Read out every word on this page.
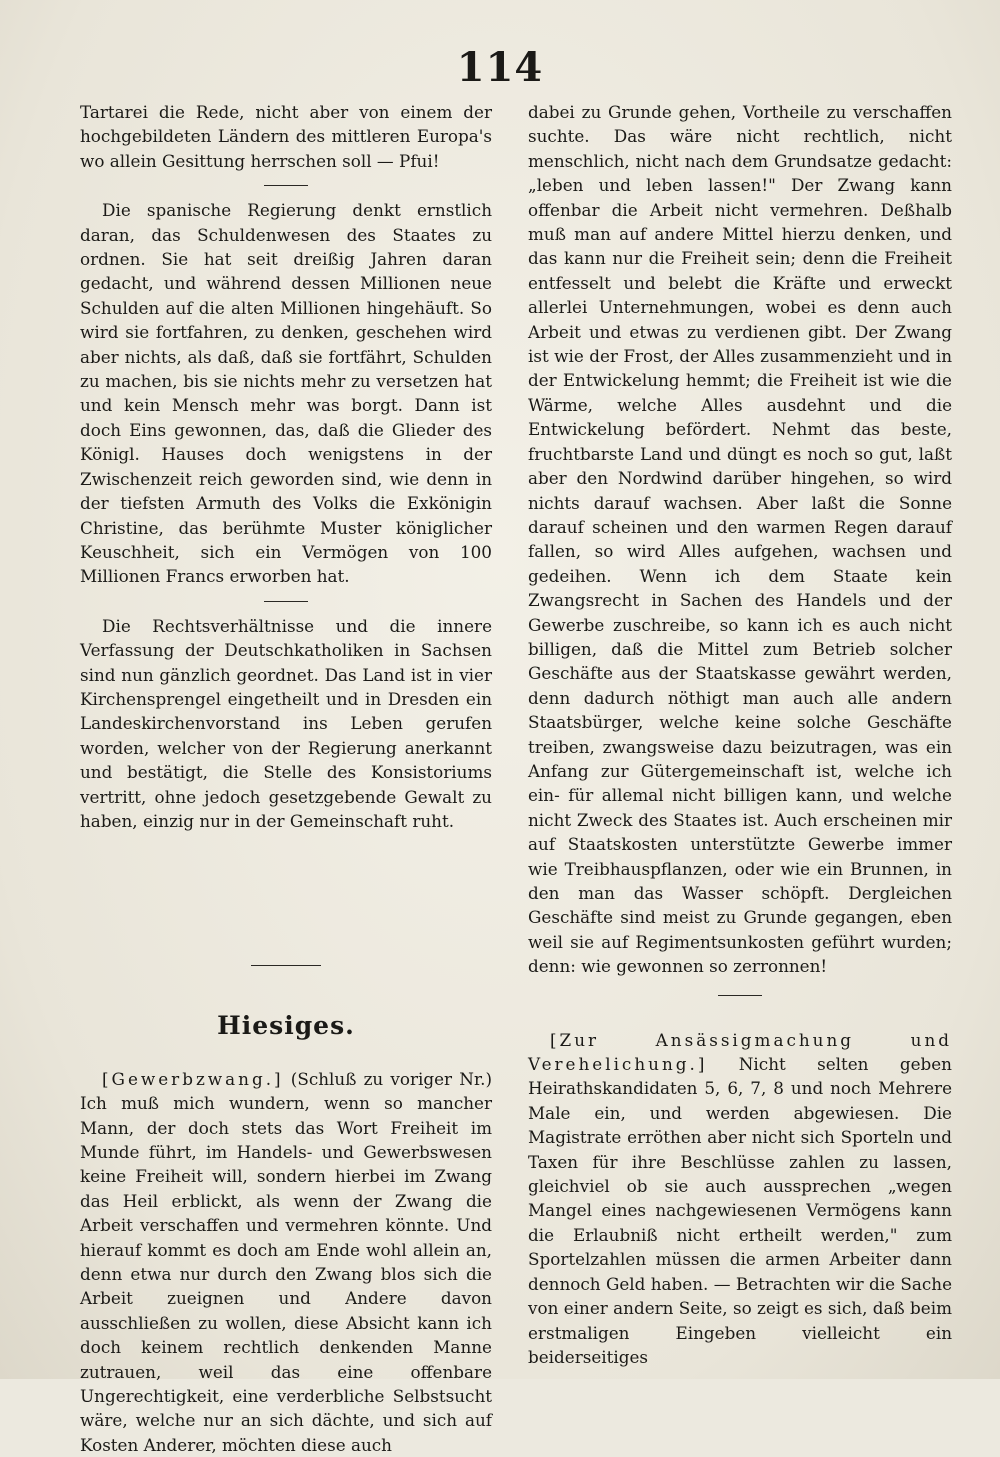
114

Tartarei die Rede, nicht aber von einem der hochgebildeten Ländern des mittleren Europa's wo allein Gesittung herrschen soll — Pfui!

Die spanische Regierung denkt ernstlich daran, das Schuldenwesen des Staates zu ordnen. Sie hat seit dreißig Jahren daran gedacht, und während dessen Millionen neue Schulden auf die alten Millionen hingehäuft. So wird sie fortfahren, zu denken, geschehen wird aber nichts, als daß, daß sie fortfährt, Schulden zu machen, bis sie nichts mehr zu versetzen hat und kein Mensch mehr was borgt. Dann ist doch Eins gewonnen, das, daß die Glieder des Königl. Hauses doch wenigstens in der Zwischenzeit reich geworden sind, wie denn in der tiefsten Armuth des Volks die Exkönigin Christine, das berühmte Muster königlicher Keuschheit, sich ein Vermögen von 100 Millionen Francs erworben hat.

Die Rechtsverhältnisse und die innere Verfassung der Deutschkatholiken in Sachsen sind nun gänzlich geordnet. Das Land ist in vier Kirchensprengel eingetheilt und in Dresden ein Landeskirchenvorstand ins Leben gerufen worden, welcher von der Regierung anerkannt und bestätigt, die Stelle des Konsistoriums vertritt, ohne jedoch gesetzgebende Gewalt zu haben, einzig nur in der Gemeinschaft ruht.

Hiesiges.

[Gewerbzwang.] (Schluß zu voriger Nr.) Ich muß mich wundern, wenn so mancher Mann, der doch stets das Wort Freiheit im Munde führt, im Handels- und Gewerbswesen keine Freiheit will, sondern hierbei im Zwang das Heil erblickt, als wenn der Zwang die Arbeit verschaffen und vermehren könnte. Und hierauf kommt es doch am Ende wohl allein an, denn etwa nur durch den Zwang blos sich die Arbeit zueignen und Andere davon ausschließen zu wollen, diese Absicht kann ich doch keinem rechtlich denkenden Manne zutrauen, weil das eine offenbare Ungerechtigkeit, eine verderbliche Selbstsucht wäre, welche nur an sich dächte, und sich auf Kosten Anderer, möchten diese auch

dabei zu Grunde gehen, Vortheile zu verschaffen suchte. Das wäre nicht rechtlich, nicht menschlich, nicht nach dem Grundsatze gedacht: „leben und leben lassen!" Der Zwang kann offenbar die Arbeit nicht vermehren. Deßhalb muß man auf andere Mittel hierzu denken, und das kann nur die Freiheit sein; denn die Freiheit entfesselt und belebt die Kräfte und erweckt allerlei Unternehmungen, wobei es denn auch Arbeit und etwas zu verdienen gibt. Der Zwang ist wie der Frost, der Alles zusammenzieht und in der Entwickelung hemmt; die Freiheit ist wie die Wärme, welche Alles ausdehnt und die Entwickelung befördert. Nehmt das beste, fruchtbarste Land und düngt es noch so gut, laßt aber den Nordwind darüber hingehen, so wird nichts darauf wachsen. Aber laßt die Sonne darauf scheinen und den warmen Regen darauf fallen, so wird Alles aufgehen, wachsen und gedeihen. Wenn ich dem Staate kein Zwangsrecht in Sachen des Handels und der Gewerbe zuschreibe, so kann ich es auch nicht billigen, daß die Mittel zum Betrieb solcher Geschäfte aus der Staatskasse gewährt werden, denn dadurch nöthigt man auch alle andern Staatsbürger, welche keine solche Geschäfte treiben, zwangsweise dazu beizutragen, was ein Anfang zur Gütergemeinschaft ist, welche ich ein- für allemal nicht billigen kann, und welche nicht Zweck des Staates ist. Auch erscheinen mir auf Staatskosten unterstützte Gewerbe immer wie Treibhauspflanzen, oder wie ein Brunnen, in den man das Wasser schöpft. Dergleichen Geschäfte sind meist zu Grunde gegangen, eben weil sie auf Regimentsunkosten geführt wurden; denn: wie gewonnen so zerronnen!

[Zur Ansässigmachung und Verehelichung.] Nicht selten geben Heirathskandidaten 5, 6, 7, 8 und noch Mehrere Male ein, und werden abgewiesen. Die Magistrate erröthen aber nicht sich Sporteln und Taxen für ihre Beschlüsse zahlen zu lassen, gleichviel ob sie auch aussprechen „wegen Mangel eines nachgewiesenen Vermögens kann die Erlaubniß nicht ertheilt werden," zum Sportelzahlen müssen die armen Arbeiter dann dennoch Geld haben. — Betrachten wir die Sache von einer andern Seite, so zeigt es sich, daß beim erstmaligen Eingeben vielleicht ein beiderseitiges
